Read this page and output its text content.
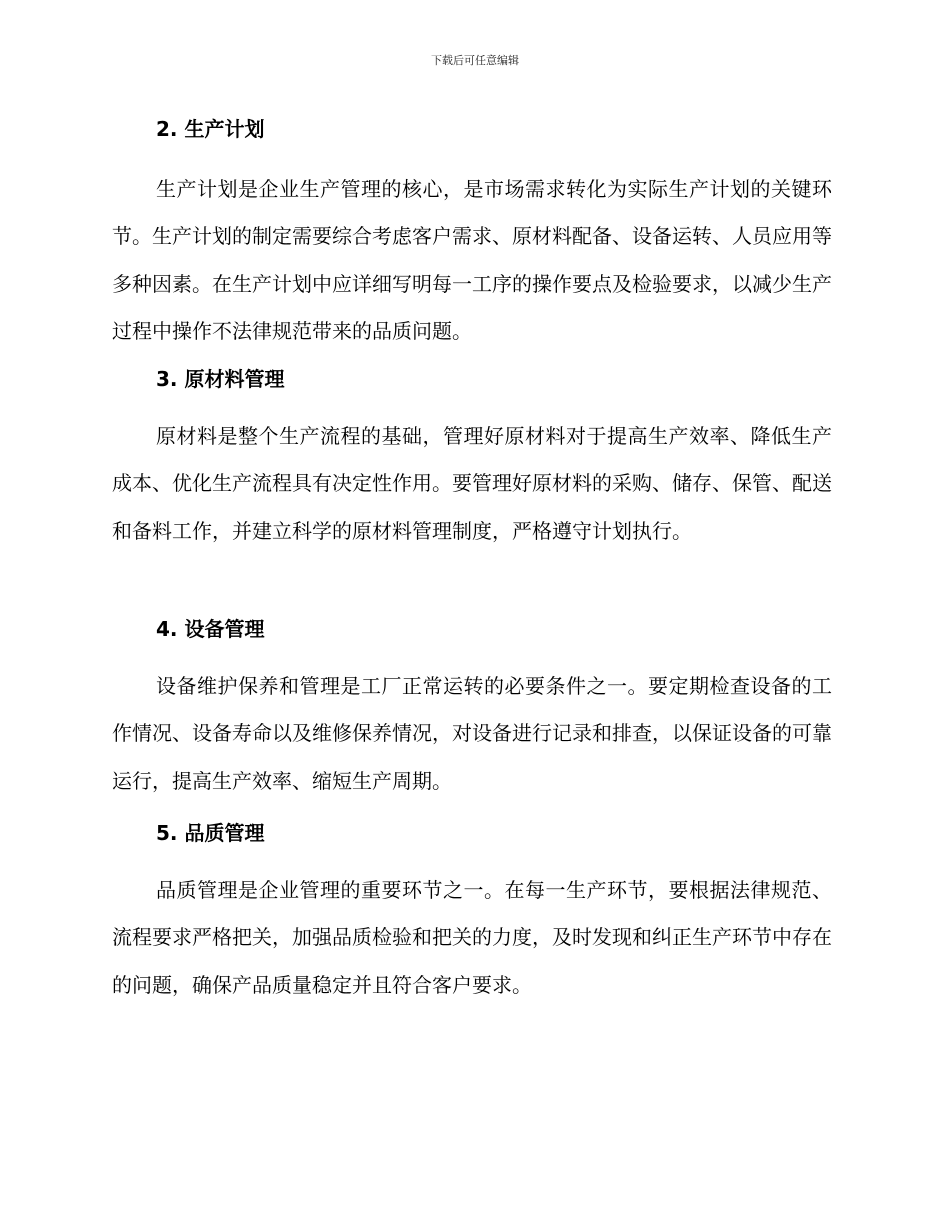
下载后可任意编辑
2. 生产计划
生产计划是企业生产管理的核心，是市场需求转化为实际生产计划的关键环节。生产计划的制定需要综合考虑客户需求、原材料配备、设备运转、人员应用等多种因素。在生产计划中应详细写明每一工序的操作要点及检验要求，以减少生产过程中操作不法律规范带来的品质问题。
3. 原材料管理
原材料是整个生产流程的基础，管理好原材料对于提高生产效率、降低生产成本、优化生产流程具有决定性作用。要管理好原材料的采购、储存、保管、配送和备料工作，并建立科学的原材料管理制度，严格遵守计划执行。
4. 设备管理
设备维护保养和管理是工厂正常运转的必要条件之一。要定期检查设备的工作情况、设备寿命以及维修保养情况，对设备进行记录和排查，以保证设备的可靠运行，提高生产效率、缩短生产周期。
5. 品质管理
品质管理是企业管理的重要环节之一。在每一生产环节，要根据法律规范、流程要求严格把关，加强品质检验和把关的力度，及时发现和纠正生产环节中存在的问题，确保产品质量稳定并且符合客户要求。
